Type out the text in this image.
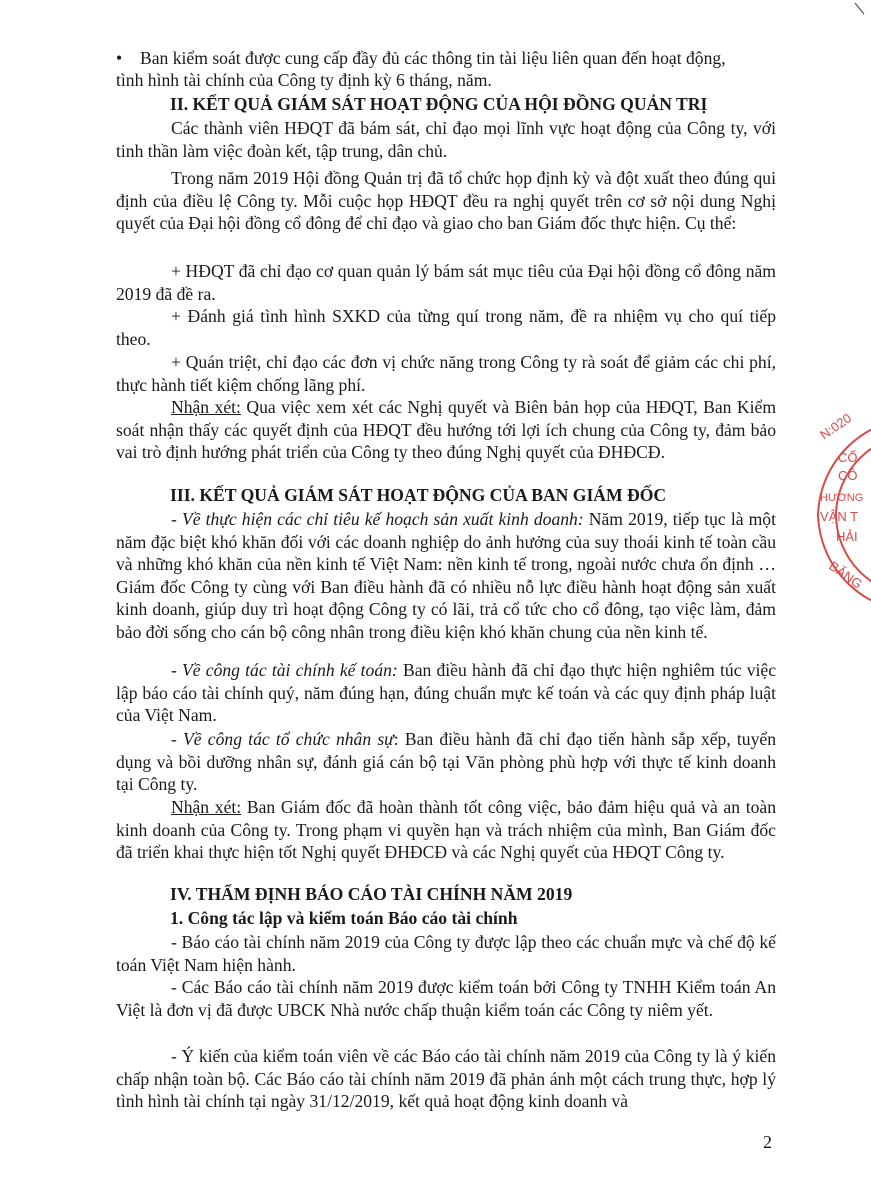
• Ban kiểm soát được cung cấp đầy đủ các thông tin tài liệu liên quan đến hoạt động,
tình hình tài chính của Công ty định kỳ 6 tháng, năm.
II. KẾT QUẢ GIÁM SÁT HOẠT ĐỘNG CỦA HỘI ĐỒNG QUẢN TRỊ
Các thành viên HĐQT đã bám sát, chỉ đạo mọi lĩnh vực hoạt động của Công ty, với tinh thần làm việc đoàn kết, tập trung, dân chủ.
Trong năm 2019 Hội đồng Quản trị đã tổ chức họp định kỳ và đột xuất theo đúng qui định của điều lệ Công ty. Mỗi cuộc họp HĐQT đều ra nghị quyết trên cơ sở nội dung Nghị quyết của Đại hội đồng cổ đông để chỉ đạo và giao cho ban Giám đốc thực hiện. Cụ thể:
+ HĐQT đã chỉ đạo cơ quan quản lý bám sát mục tiêu của Đại hội đồng cổ đông năm 2019 đã đề ra.
+ Đánh giá tình hình SXKD của từng quí trong năm, đề ra nhiệm vụ cho quí tiếp theo.
+ Quán triệt, chỉ đạo các đơn vị chức năng trong Công ty rà soát để giảm các chi phí, thực hành tiết kiệm chống lãng phí.
Nhận xét: Qua việc xem xét các Nghị quyết và Biên bản họp của HĐQT, Ban Kiểm soát nhận thấy các quyết định của HĐQT đều hướng tới lợi ích chung của Công ty, đảm bảo vai trò định hướng phát triển của Công ty theo đúng Nghị quyết của ĐHĐCĐ.
III. KẾT QUẢ GIÁM SÁT HOẠT ĐỘNG CỦA BAN GIÁM ĐỐC
- Về thực hiện các chỉ tiêu kế hoạch sản xuất kinh doanh: Năm 2019, tiếp tục là một năm đặc biệt khó khăn đối với các doanh nghiệp do ảnh hưởng của suy thoái kinh tế toàn cầu và những khó khăn của nền kinh tế Việt Nam: nền kinh tế trong, ngoài nước chưa ổn định … Giám đốc Công ty cùng với Ban điều hành đã có nhiều nỗ lực điều hành hoạt động sản xuất kinh doanh, giúp duy trì hoạt động Công ty có lãi, trả cổ tức cho cổ đông, tạo việc làm, đảm bảo đời sống cho cán bộ công nhân trong điều kiện khó khăn chung của nền kinh tế.
- Về công tác tài chính kế toán: Ban điều hành đã chỉ đạo thực hiện nghiêm túc việc lập báo cáo tài chính quý, năm đúng hạn, đúng chuẩn mực kế toán và các quy định pháp luật của Việt Nam.
- Về công tác tổ chức nhân sự: Ban điều hành đã chỉ đạo tiến hành sắp xếp, tuyển dụng và bồi dưỡng nhân sự, đánh giá cán bộ tại Văn phòng phù hợp với thực tế kinh doanh tại Công ty.
Nhận xét: Ban Giám đốc đã hoàn thành tốt công việc, bảo đảm hiệu quả và an toàn kinh doanh của Công ty. Trong phạm vi quyền hạn và trách nhiệm của mình, Ban Giám đốc đã triển khai thực hiện tốt Nghị quyết ĐHĐCĐ và các Nghị quyết của HĐQT Công ty.
IV. THẨM ĐỊNH BÁO CÁO TÀI CHÍNH NĂM 2019
1. Công tác lập và kiểm toán Báo cáo tài chính
- Báo cáo tài chính năm 2019 của Công ty được lập theo các chuẩn mực và chế độ kế toán Việt Nam hiện hành.
- Các Báo cáo tài chính năm 2019 được kiểm toán bởi Công ty TNHH Kiểm toán An Việt là đơn vị đã được UBCK Nhà nước chấp thuận kiểm toán các Công ty niêm yết.
- Ý kiến của kiểm toán viên về các Báo cáo tài chính năm 2019 của Công ty là ý kiến chấp nhận toàn bộ. Các Báo cáo tài chính năm 2019 đã phản ánh một cách trung thực, hợp lý tình hình tài chính tại ngày 31/12/2019, kết quả hoạt động kinh doanh và
2
N:020
CỔ
CÔ
HƯƠNG
VẬN T
HẢI
BĂNG
